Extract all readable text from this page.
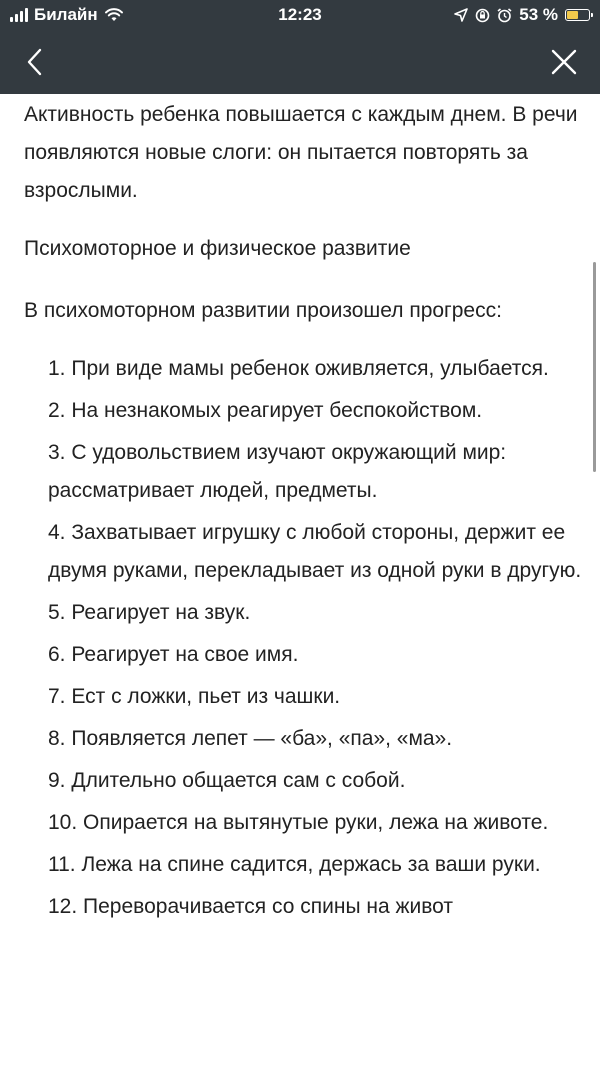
Билайн	12:23	53 %

Активность ребенка повышается с каждым днем. В речи появляются новые слоги: он пытается повторять за взрослыми.

Психомоторное и физическое развитие

В психомоторном развитии произошел прогресс:

1. При виде мамы ребенок оживляется, улыбается.
2. На незнакомых реагирует беспокойством.
3. С удовольствием изучают окружающий мир: рассматривает людей, предметы.
4. Захватывает игрушку с любой стороны, держит ее двумя руками, перекладывает из одной руки в другую.
5. Реагирует на звук.
6. Реагирует на свое имя.
7. Ест с ложки, пьет из чашки.
8. Появляется лепет — «ба», «па», «ма».
9. Длительно общается сам с собой.
10. Опирается на вытянутые руки, лежа на животе.
11. Лежа на спине садится, держась за ваши руки.
12. Переворачивается со спины на живот
